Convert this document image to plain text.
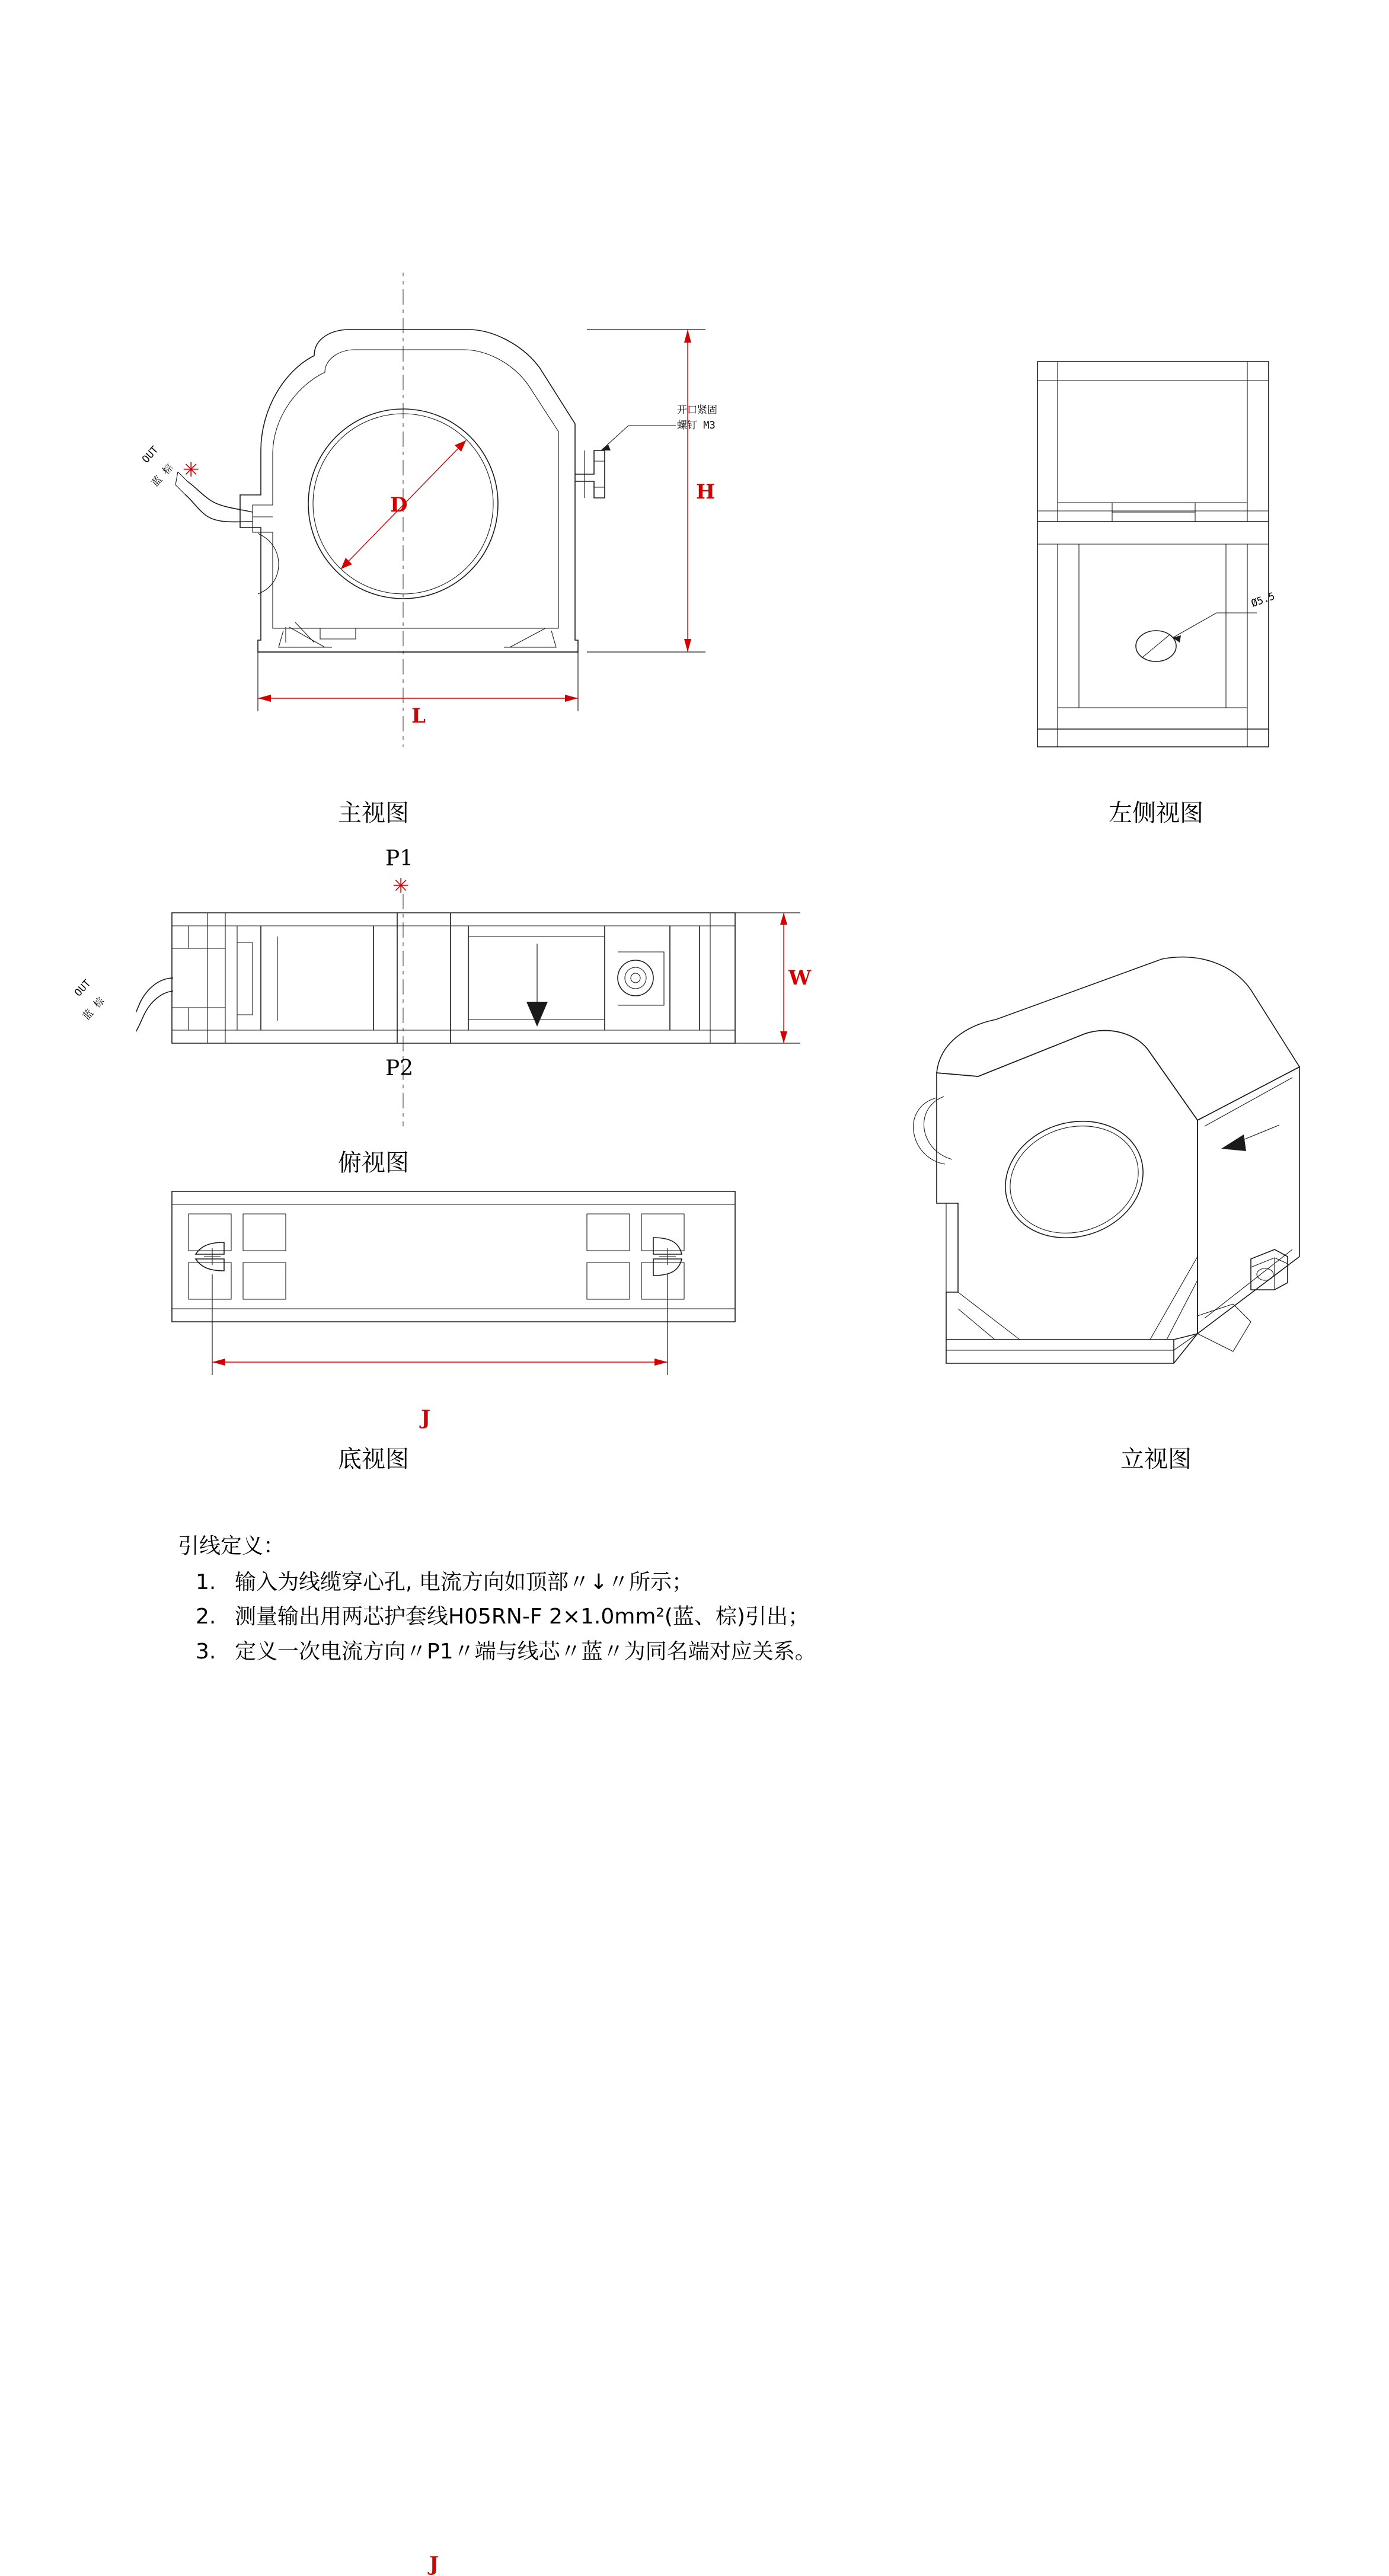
D
H
L
开口紧固
螺钉 M3
OUT
蓝 棕 ✳
主视图
Ø5.5
左侧视图
P1
✳
P2
W
OUT
蓝 棕
俯视图
J
J
底视图	立视图
引线定义：
1. 输入为线缆穿心孔, 电流方向如顶部〃↓〃所示；
2. 测量输出用两芯护套线H05RN-F 2×1.0mm²(蓝、棕)引出；
3. 定义一次电流方向〃P1〃端与线芯〃蓝〃为同名端对应关系。
